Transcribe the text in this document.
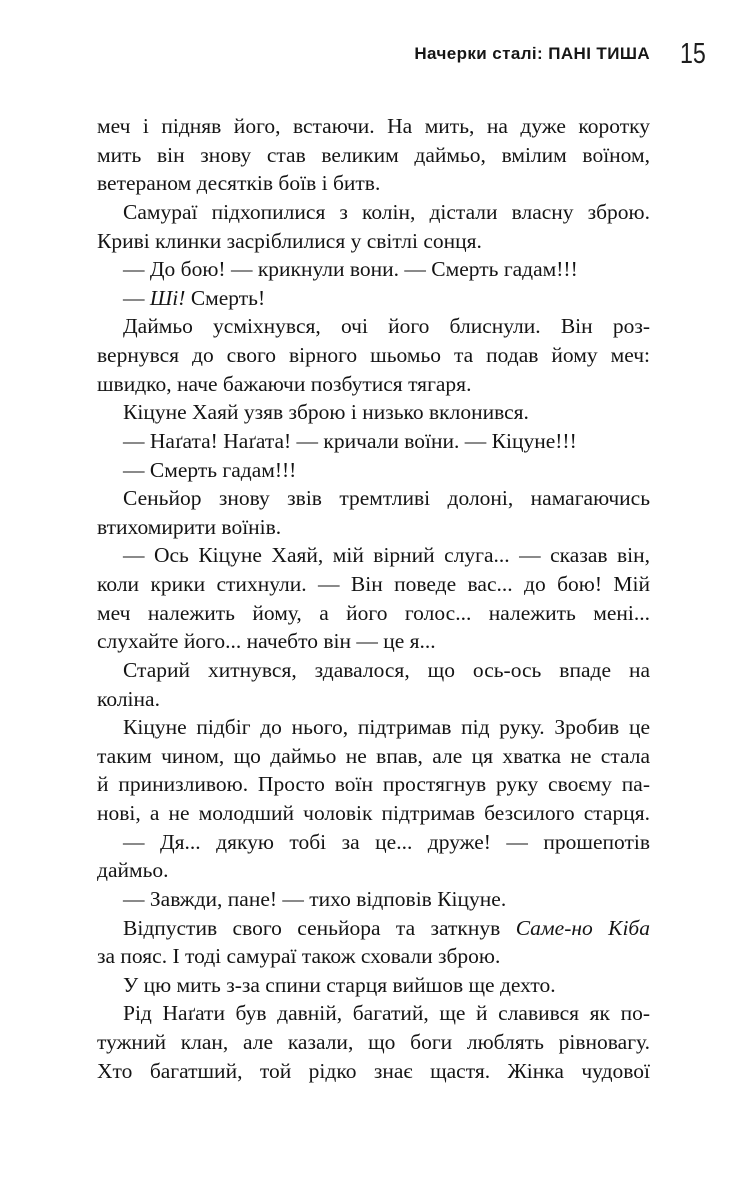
Начерки сталі: ПАНІ ТИША 15
меч і підняв його, встаючи. На мить, на дуже коротку
мить він знову став великим даймьо, вмілим воїном,
ветераном десятків боїв і битв.
Самураї підхопилися з колін, дістали власну зброю.
Криві клинки засріблилися у світлі сонця.
— До бою! — крикнули вони. — Смерть гадам!!!
— Ші! Смерть!
Даймьо усміхнувся, очі його блиснули. Він роз-
вернувся до свого вірного шьомьо та подав йому меч:
швидко, наче бажаючи позбутися тягаря.
Кіцуне Хаяй узяв зброю і низько вклонився.
— Наґата! Наґата! — кричали воїни. — Кіцуне!!!
— Смерть гадам!!!
Сеньйор знову звів тремтливі долоні, намагаючись
втихомирити воїнів.
— Ось Кіцуне Хаяй, мій вірний слуга... — сказав він,
коли крики стихнули. — Він поведе вас... до бою! Мій
меч належить йому, а його голос... належить мені...
слухайте його... начебто він — це я...
Старий хитнувся, здавалося, що ось-ось впаде на
коліна.
Кіцуне підбіг до нього, підтримав під руку. Зробив це
таким чином, що даймьо не впав, але ця хватка не стала
й принизливою. Просто воїн простягнув руку своєму па-
нові, а не молодший чоловік підтримав безсилого старця.
— Дя... дякую тобі за це... друже! — прошепотів
даймьо.
— Завжди, пане! — тихо відповів Кіцуне.
Відпустив свого сеньйора та заткнув Саме-но Кіба
за пояс. І тоді самураї також сховали зброю.
У цю мить з-за спини старця вийшов ще дехто.
Рід Наґати був давній, багатий, ще й славився як по-
тужний клан, але казали, що боги люблять рівновагу.
Хто багатший, той рідко знає щастя. Жінка чудової
